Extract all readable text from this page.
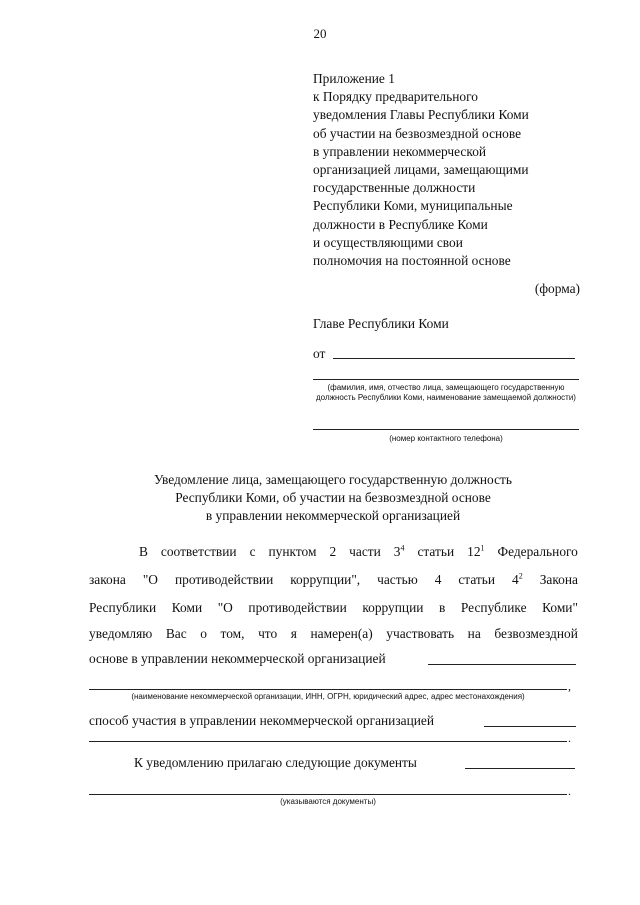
20
Приложение 1
к Порядку предварительного
уведомления Главы Республики Коми
об участии на безвозмездной основе
в управлении некоммерческой
организацией лицами, замещающими
государственные должности
Республики Коми, муниципальные
должности в Республике Коми
и осуществляющими свои
полномочия на постоянной основе
(форма)
Главе Республики Коми
от
(фамилия, имя, отчество лица, замещающего государственную должность Республики Коми, наименование замещаемой должности)
(номер контактного телефона)
Уведомление лица, замещающего государственную должность
Республики Коми, об участии на безвозмездной основе
в управлении некоммерческой организацией
В соответствии с пунктом 2 части $3^4$ статьи $12^1$ Федерального
закона "О противодействии коррупции", частью 4 статьи $4^2$ Закона
Республики Коми "О противодействии коррупции в Республике Коми"
уведомляю Вас о том, что я намерен(а) участвовать на безвозмездной
основе в управлении некоммерческой организацией
,
(наименование некоммерческой организации, ИНН, ОГРН, юридический адрес, адрес местонахождения)
способ участия в управлении некоммерческой организацией
.
К уведомлению прилагаю следующие документы
.
(указываются документы)
